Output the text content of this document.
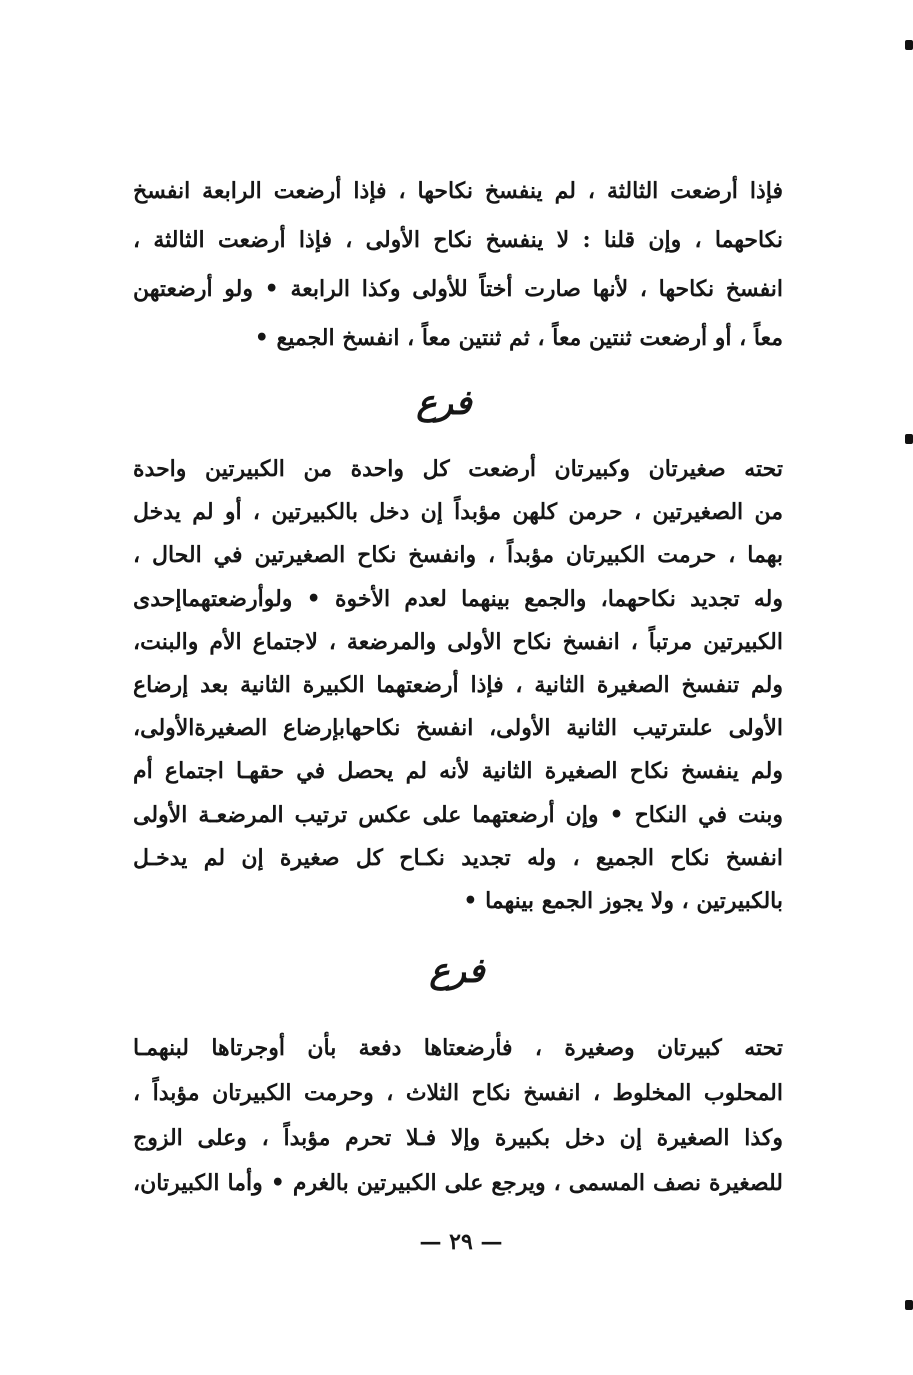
فإذا أرضعت الثالثة ، لم ينفسخ نكاحها ، فإذا أرضعت الرابعة انفسخ
نكاحهما ، وإن قلنا : لا ينفسخ نكاح الأولى ، فإذا أرضعت الثالثة ،
انفسخ نكاحها ، لأنها صارت أختاً للأولى وكذا الرابعة • ولو أرضعتهن
معاً ، أو أرضعت ثنتين معاً ، ثم ثنتين معاً ، انفسخ الجميع •
فرع
تحته صغيرتان وكبيرتان أرضعت كل واحدة من الكبيرتين واحدة
من الصغيرتين ، حرمن كلهن مؤبداً إن دخل بالكبيرتين ، أو لم يدخل
بهما ، حرمت الكبيرتان مؤبداً ، وانفسخ نكاح الصغيرتين في الحال ،
وله تجديد نكاحهما، والجمع بينهما لعدم الأخوة • ولوأرضعتهماإحدى
الكبيرتين مرتباً ، انفسخ نكاح الأولى والمرضعة ، لاجتماع الأم والبنت،
ولم تنفسخ الصغيرة الثانية ، فإذا أرضعتهما الكبيرة الثانية بعد إرضاع
الأولى علىترتيب الثانية الأولى، انفسخ نكاحهابإرضاع الصغيرةالأولى،
ولم ينفسخ نكاح الصغيرة الثانية لأنه لم يحصل في حقهـا اجتماع أم
وبنت في النكاح • وإن أرضعتهما على عكس ترتيب المرضعـة الأولى
انفسخ نكاح الجميع ، وله تجديد نكـاح كل صغيرة إن لم يدخـل
بالكبيرتين ، ولا يجوز الجمع بينهما •
فرع
تحته كبيرتان وصغيرة ، فأرضعتاها دفعة بأن أوجرتاها لبنهمـا
المحلوب المخلوط ، انفسخ نكاح الثلاث ، وحرمت الكبيرتان مؤبداً ،
وكذا الصغيرة إن دخل بكبيرة وإلا فـلا تحرم مؤبداً ، وعلى الزوج
للصغيرة نصف المسمى ، ويرجع على الكبيرتين بالغرم • وأما الكبيرتان،
— ٢٩ —
